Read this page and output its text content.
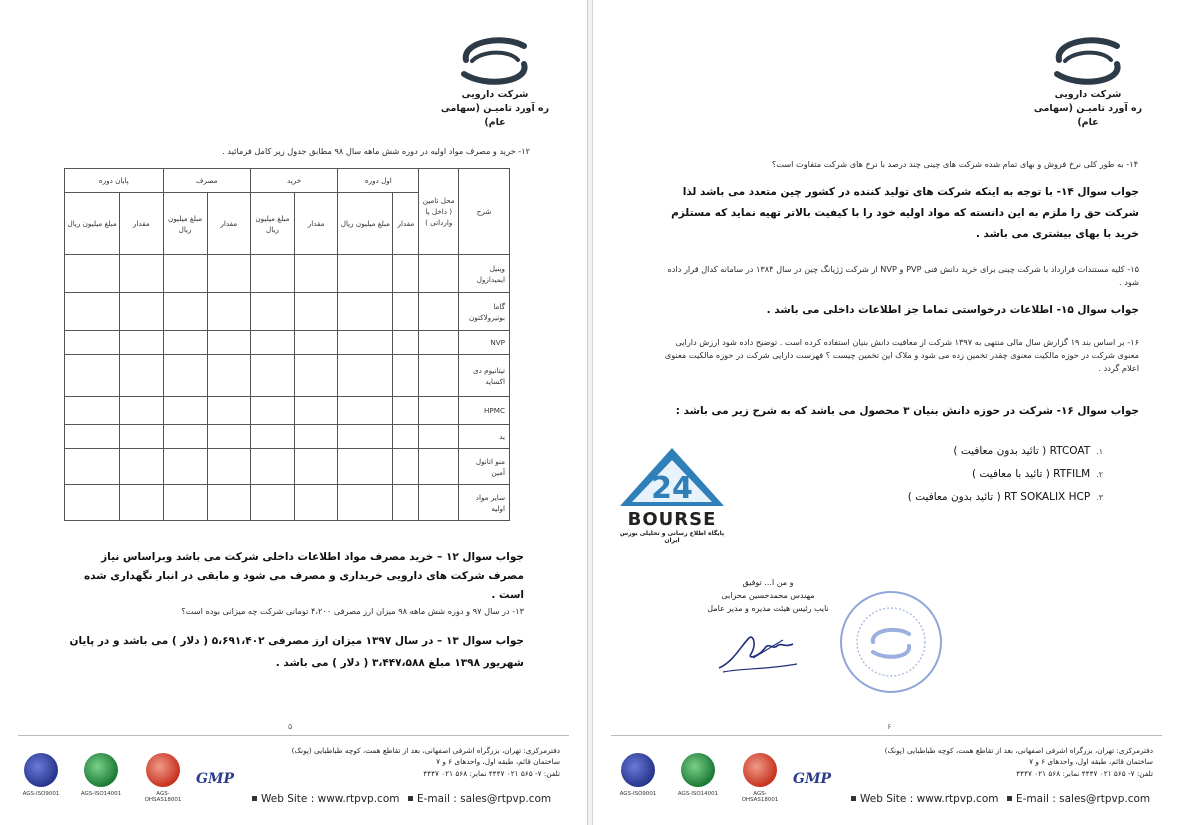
شرکت دارویی
ره آورد تامیـن (سهامی عام)
۱۲- خرید و مصرف مواد اولیه در دوره شش ماهه سال ۹۸ مطابق جدول زیر کامل فرمائید .
شرح	محل تامین ( داخل یا وارداتی )	اول دوره		خرید		مصرف		پایان دوره	
		مقدار	مبلغ میلیون ریال	مقدار	مبلغ میلیون ریال	مقدار	مبلغ میلیون ریال	مقدار	مبلغ میلیون ریال
وینیل ایمیدازول									
گاما بوتیرولاکتون									
NVP									
تیتانیوم دی اکساید									
HPMC									
ید									
منو اتانول آمین									
سایر مواد اولیه									
جواب سوال ۱۲ – خرید مصرف مواد اطلاعات داخلی شرکت می باشد وبراساس نیاز مصرف شرکت های دارویی خریداری و مصرف می شود و مابقی در انبار نگهداری شده است .
۱۳- در سال ۹۷ و دوره شش ماهه ۹۸ میزان ارز مصرفی ۴،۲۰۰ تومانی شرکت چه میزانی بوده است؟
جواب سوال ۱۳ – در سال ۱۳۹۷ میزان ارز مصرفی ۵،۶۹۱،۴۰۲ ( دلار ) می باشد و در پایان شهریور ۱۳۹۸ مبلغ ۳،۴۴۷،۵۸۸ ( دلار ) می باشد .
۵
دفترمرکزی: تهران، بزرگراه اشرفی اصفهانی، بعد از تقاطع همت، کوچه طباطبایی (پونک)
ساختمان قائم، طبقه اول، واحدهای ۶ و ۷
تلفن: ۷- ۵۶۵ ۰۲۱ ۴۴۴۷ نمابر: ۵۶۸ ۰۲۱ ۴۴۴۷
Web Site : www.rtpvp.com	E-mail : sales@rtpvp.com
GMP
AGS-ISO9001	AGS-ISO14001	AGS-OHSAS18001
شرکت دارویی
ره آورد تامیـن (سهامی عام)
۱۴- به طور کلی نرخ فروش و بهای تمام شده شرکت های چینی چند درصد با نرخ های شرکت متفاوت است؟
جواب سوال ۱۴- با توجه به اینکه شرکت های تولید کننده در کشور چین متعدد می باشد لذا شرکت حق را ملزم به این دانسته که مواد اولیه خود را با کیفیت بالاتر تهیه نماید که مستلزم خرید با بهای بیشتری می باشد .
۱۵- کلیه مستندات قرارداد با شرکت چینی برای خرید دانش فنی PVP و NVP از شرکت ژژیانگ چین در سال ۱۳۸۴ در سامانه کدال قرار داده شود .
جواب سوال ۱۵- اطلاعات درخواستی تماما جز اطلاعات داخلی می باشد .
۱۶- بر اساس بند ۱۹ گزارش سال مالی منتهی به ۱۳۹۷ شرکت از معافیت دانش بنیان استفاده کرده است . توضیح داده شود ارزش دارایی معنوی شرکت در حوزه مالکیت معنوی چقدر تخمین زده می شود و ملاک این تخمین چیست ؟ فهرست دارایی شرکت در حوزه مالکیت معنوی اعلام گردد .
جواب سوال ۱۶- شرکت در حوزه دانش بنیان ۳ محصول می باشد که به شرح زیر می باشد :
۱.RTCOAT ( تائید بدون معافیت )
۲.RTFILM ( تائید با معافیت )
۳.RT SOKALIX HCP ( تائید بدون معافیت )
و من ا... توفیق
مهندس محمدحسین محرابی
نایب رئیس هیئت مدیره و مدیر عامل
۶
دفترمرکزی: تهران، بزرگراه اشرفی اصفهانی، بعد از تقاطع همت، کوچه طباطبایی (پونک)
ساختمان قائم، طبقه اول، واحدهای ۶ و ۷
تلفن: ۷- ۵۶۵ ۰۲۱ ۴۴۴۷ نمابر: ۵۶۸ ۰۲۱ ۴۴۴۷
Web Site : www.rtpvp.com	E-mail : sales@rtpvp.com
GMP
AGS-ISO9001	AGS-ISO14001	AGS-OHSAS18001
24
BOURSE
پایگاه اطلاع رسانی و تحلیلی بورس ایران
